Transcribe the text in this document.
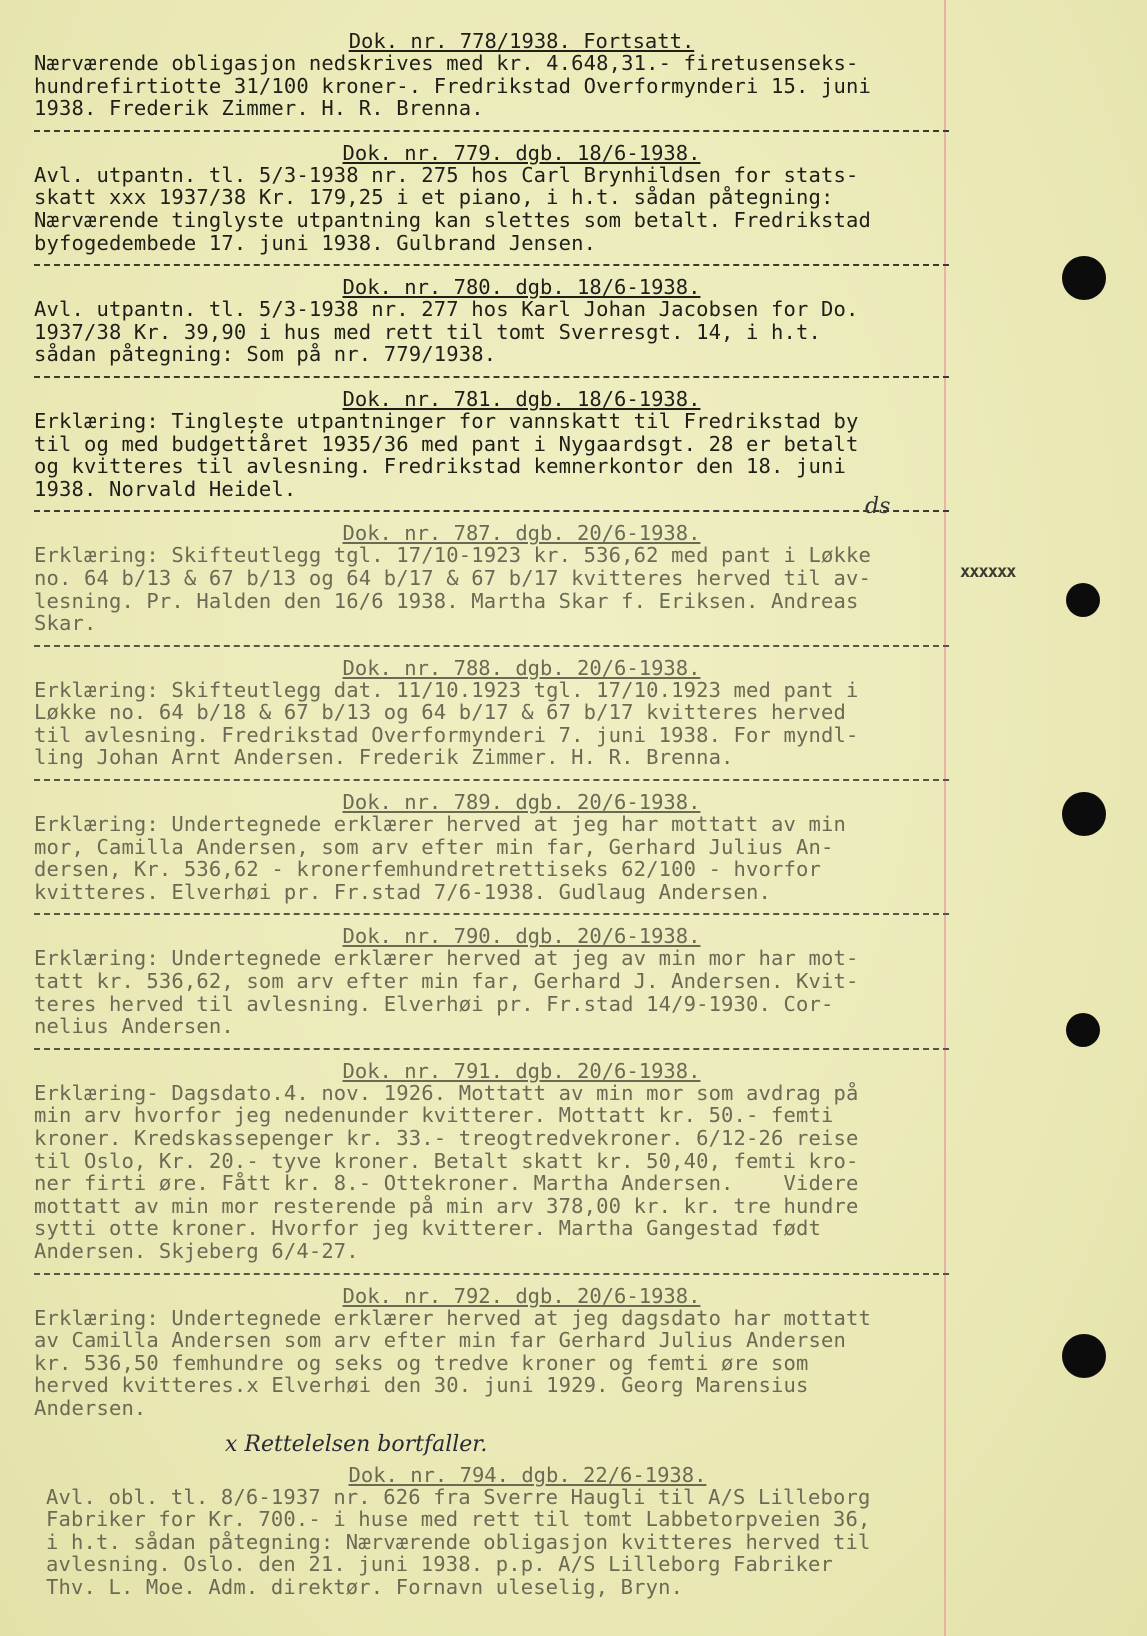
xxxxxx
ds
x Rettelelsen bortfaller.
Dok. nr. 778/1938. Fortsatt.
Nærværende obligasjon nedskrives med kr. 4.648,31.- firetusenseks-
hundrefirtiotte 31/100 kroner-. Fredrikstad Overformynderi 15. juni
1938. Frederik Zimmer. H. R. Brenna.
Dok. nr. 779. dgb. 18/6-1938.
Avl. utpantn. tl. 5/3-1938 nr. 275 hos Carl Brynhildsen for stats-
skatt xxx 1937/38 Kr. 179,25 i et piano, i h.t. sådan påtegning:
Nærværende tinglyste utpantning kan slettes som betalt. Fredrikstad
byfogedembede 17. juni 1938. Gulbrand Jensen.
Dok. nr. 780. dgb. 18/6-1938.
Avl. utpantn. tl. 5/3-1938 nr. 277 hos Karl Johan Jacobsen for Do.
1937/38 Kr. 39,90 i hus med rett til tomt Sverresgt. 14, i h.t.
sådan påtegning: Som på nr. 779/1938.
Dok. nr. 781. dgb. 18/6-1938.
Erklæring: Tinglește utpantninger for vannskatt til Fredrikstad by
til og med budgettåret 1935/36 med pant i Nygaardsgt. 28 er betalt
og kvitteres til avlesning. Fredrikstad kemnerkontor den 18. juni
1938. Norvald Heidel.
Dok. nr. 787. dgb. 20/6-1938.
Erklæring: Skifteutlegg tgl. 17/10-1923 kr. 536,62 med pant i Løkke
no. 64 b/13 & 67 b/13 og 64 b/17 & 67 b/17 kvitteres herved til av-
lesning. Pr. Halden den 16/6 1938. Martha Skar f. Eriksen. Andreas
Skar.
Dok. nr. 788. dgb. 20/6-1938.
Erklæring: Skifteutlegg dat. 11/10.1923 tgl. 17/10.1923 med pant i
Løkke no. 64 b/18 & 67 b/13 og 64 b/17 & 67 b/17 kvitteres herved
til avlesning. Fredrikstad Overformynderi 7. juni 1938. For myndl-
ling Johan Arnt Andersen. Frederik Zimmer. H. R. Brenna.
Dok. nr. 789. dgb. 20/6-1938.
Erklæring: Undertegnede erklærer herved at jeg har mottatt av min
mor, Camilla Andersen, som arv efter min far, Gerhard Julius An-
dersen, Kr. 536,62 - kronerfemhundretrettiseks 62/100 - hvorfor
kvitteres. Elverhøi pr. Fr.stad 7/6-1938. Gudlaug Andersen.
Dok. nr. 790. dgb. 20/6-1938.
Erklæring: Undertegnede erklærer herved at jeg av min mor har mot-
tatt kr. 536,62, som arv efter min far, Gerhard J. Andersen. Kvit-
teres herved til avlesning. Elverhøi pr. Fr.stad 14/9-1930. Cor-
nelius Andersen.
Dok. nr. 791. dgb. 20/6-1938.
Erklæring- Dagsdato.4. nov. 1926. Mottatt av min mor som avdrag på
min arv hvorfor jeg nedenunder kvitterer. Mottatt kr. 50.- femti
kroner. Kredskassepenger kr. 33.- treogtredvekroner. 6/12-26 reise
til Oslo, Kr. 20.- tyve kroner. Betalt skatt kr. 50,40, femti kro-
ner firti øre. Fått kr. 8.- Ottekroner. Martha Andersen.    Videre
mottatt av min mor resterende på min arv 378,00 kr. kr. tre hundre
sytti otte kroner. Hvorfor jeg kvitterer. Martha Gangestad født
Andersen. Skjeberg 6/4-27.
Dok. nr. 792. dgb. 20/6-1938.
Erklæring: Undertegnede erklærer herved at jeg dagsdato har mottatt
av Camilla Andersen som arv efter min far Gerhard Julius Andersen
kr. 536,50 femhundre og seks og tredve kroner og femti øre som
herved kvitteres.x Elverhøi den 30. juni 1929. Georg Marensius
Andersen.
Dok. nr. 794. dgb. 22/6-1938.
Avl. obl. tl. 8/6-1937 nr. 626 fra Sverre Haugli til A/S Lilleborg
Fabriker for Kr. 700.- i huse med rett til tomt Labbetorpveien 36,
i h.t. sådan påtegning: Nærværende obligasjon kvitteres herved til
avlesning. Oslo. den 21. juni 1938. p.p. A/S Lilleborg Fabriker
Thv. L. Moe. Adm. direktør. Fornavn uleselig, Bryn.
